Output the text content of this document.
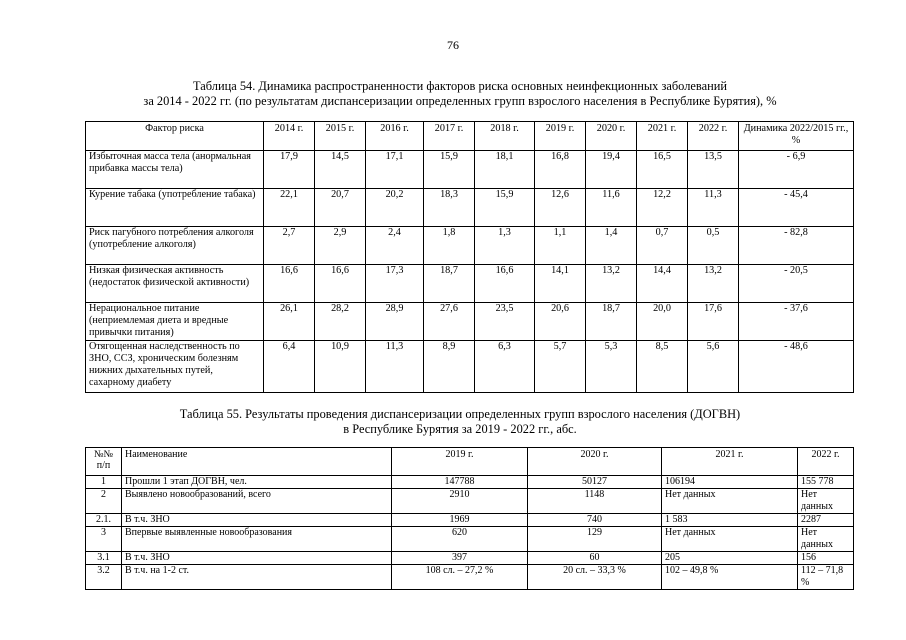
76
Таблица 54. Динамика распространенности факторов риска основных неинфекционных заболеваний
за 2014 - 2022 гг. (по результатам диспансеризации определенных групп взрослого населения в Республике Бурятия), %
Фактор риска	2014 г.	2015 г.	2016 г.	2017 г.	2018 г.	2019 г.	2020 г.	2021 г.	2022 г.	Динамика 2022/2015 гг., %
Избыточная масса тела (анормальная прибавка массы тела)	17,9	14,5	17,1	15,9	18,1	16,8	19,4	16,5	13,5	- 6,9
Курение табака (употребление табака)	22,1	20,7	20,2	18,3	15,9	12,6	11,6	12,2	11,3	- 45,4
Риск пагубного потребления алкоголя (употребление алкоголя)	2,7	2,9	2,4	1,8	1,3	1,1	1,4	0,7	0,5	- 82,8
Низкая физическая активность (недостаток физической активности)	16,6	16,6	17,3	18,7	16,6	14,1	13,2	14,4	13,2	- 20,5
Нерациональное питание (неприемлемая диета и вредные привычки питания)	26,1	28,2	28,9	27,6	23,5	20,6	18,7	20,0	17,6	- 37,6
Отягощенная наследственность по ЗНО, ССЗ, хроническим болезням нижних дыхательных путей, сахарному диабету	6,4	10,9	11,3	8,9	6,3	5,7	5,3	8,5	5,6	- 48,6
Таблица 55. Результаты проведения диспансеризации определенных групп взрослого населения (ДОГВН)
в Республике Бурятия за 2019 - 2022 гг., абс.
№№ п/п	Наименование	2019 г.	2020 г.	2021 г.	2022 г.
1	Прошли 1 этап ДОГВН, чел.	147788	50127	106194	155 778
2	Выявлено новообразований, всего	2910	1148	Нет данных	Нет данных
2.1.	В т.ч. ЗНО	1969	740	1 583	2287
3	Впервые выявленные новообразования	620	129	Нет данных	Нет данных
3.1	В т.ч. ЗНО	397	60	205	156
3.2	В т.ч. на 1-2 ст.	108 сл. – 27,2 %	20 сл. – 33,3 %	102 – 49,8 %	112 – 71,8 %
